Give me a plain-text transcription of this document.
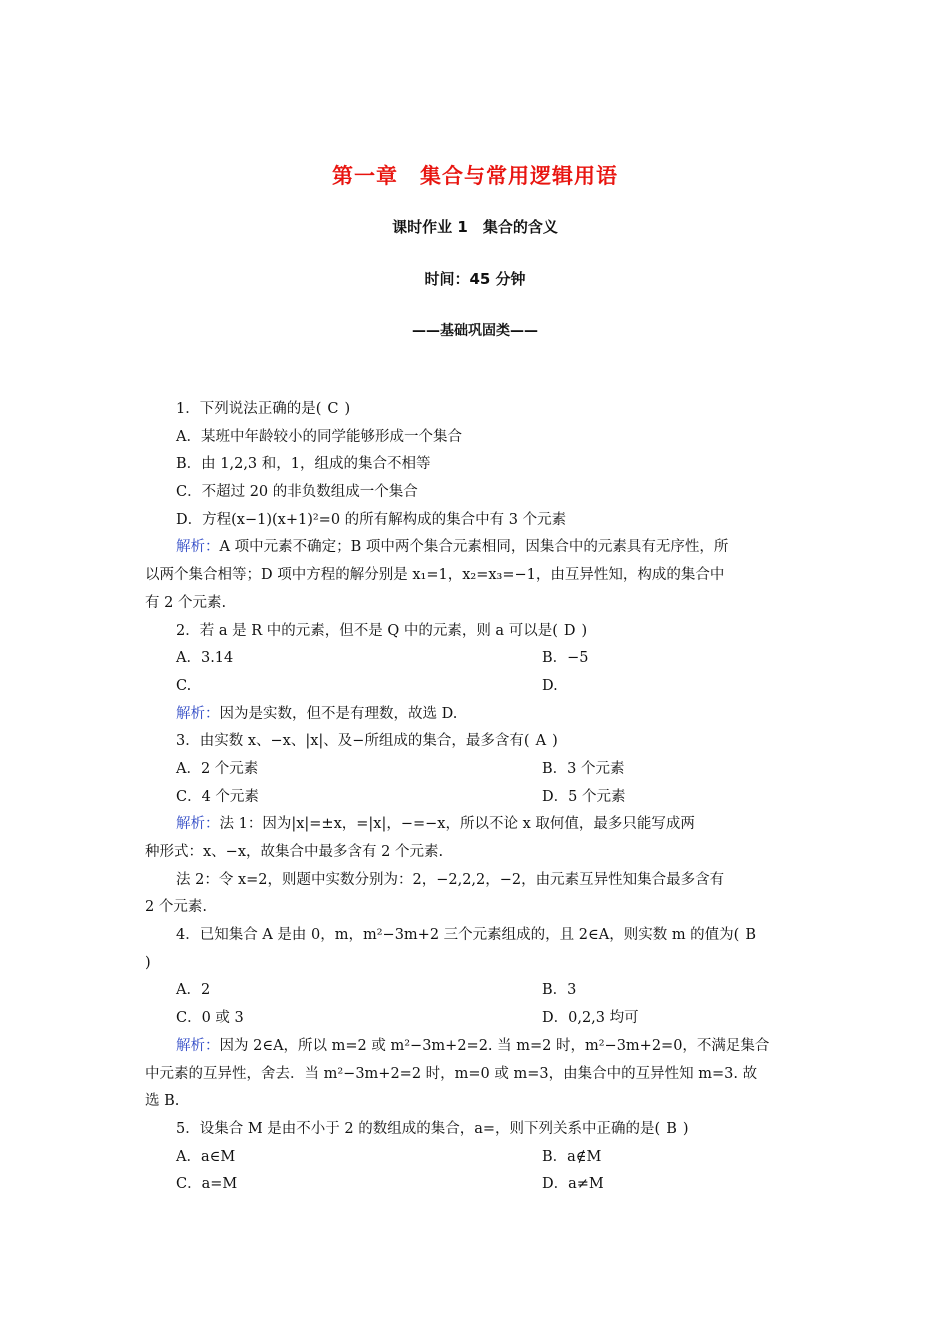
第一章　集合与常用逻辑用语
课时作业 1　集合的含义
时间：45 分钟
——基础巩固类——
1．下列说法正确的是( C )
A．某班中年龄较小的同学能够形成一个集合
B．由 1,2,3 和，1，组成的集合不相等
C．不超过 20 的非负数组成一个集合
D．方程(x−1)(x+1)²=0 的所有解构成的集合中有 3 个元素
解析：A 项中元素不确定；B 项中两个集合元素相同，因集合中的元素具有无序性，所
以两个集合相等；D 项中方程的解分别是 x₁=1，x₂=x₃=−1，由互异性知，构成的集合中
有 2 个元素.
2．若 a 是 R 中的元素，但不是 Q 中的元素，则 a 可以是( D )
A．3.14	B．−5
C.	D.
解析：因为是实数，但不是有理数，故选 D.
3．由实数 x、−x、|x|、及−所组成的集合，最多含有( A )
A．2 个元素	B．3 个元素
C．4 个元素	D．5 个元素
解析：法 1：因为|x|=±x，=|x|，−=−x，所以不论 x 取何值，最多只能写成两
种形式：x、−x，故集合中最多含有 2 个元素.
法 2：令 x=2，则题中实数分别为：2，−2,2,2，−2，由元素互异性知集合最多含有
2 个元素.
4．已知集合 A 是由 0，m，m²−3m+2 三个元素组成的，且 2∈A，则实数 m 的值为( B
)
A．2	B．3
C．0 或 3	D．0,2,3 均可
解析：因为 2∈A，所以 m=2 或 m²−3m+2=2. 当 m=2 时，m²−3m+2=0，不满足集合
中元素的互异性，舍去．当 m²−3m+2=2 时，m=0 或 m=3，由集合中的互异性知 m=3. 故
选 B.
5．设集合 M 是由不小于 2 的数组成的集合，a=，则下列关系中正确的是( B )
A．a∈M	B．a∉M
C．a=M	D．a≠M
